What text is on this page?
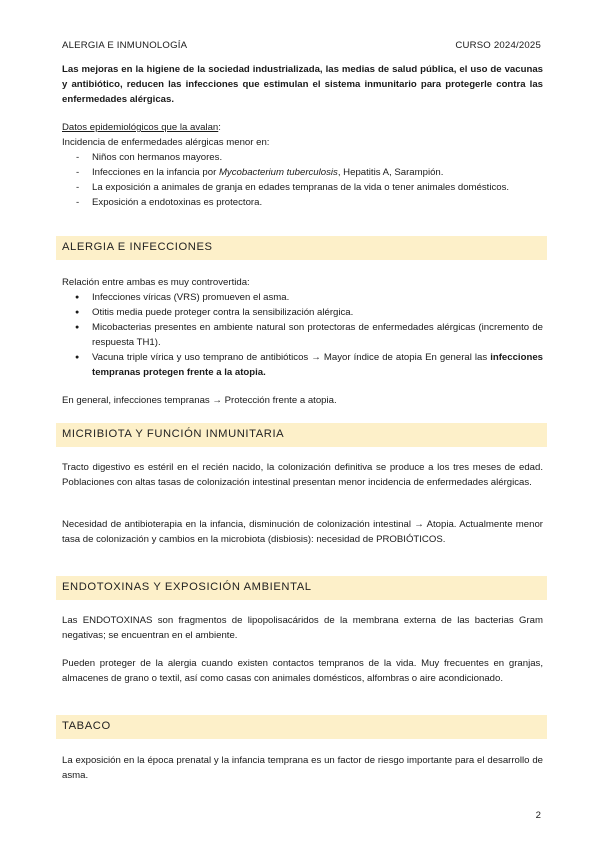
ALERGIA E INMUNOLOGÍA	CURSO 2024/2025
Las mejoras en la higiene de la sociedad industrializada, las medias de salud pública, el uso de vacunas y antibiótico, reducen las infecciones que estimulan el sistema inmunitario para protegerle contra las enfermedades alérgicas.
Datos epidemiológicos que la avalan:
Incidencia de enfermedades alérgicas menor en:
- Niños con hermanos mayores.
- Infecciones en la infancia por Mycobacterium tuberculosis, Hepatitis A, Sarampión.
- La exposición a animales de granja en edades tempranas de la vida o tener animales domésticos.
- Exposición a endotoxinas es protectora.
ALERGIA E INFECCIONES
Relación entre ambas es muy controvertida:
● Infecciones víricas (VRS) promueven el asma.
● Otitis media puede proteger contra la sensibilización alérgica.
● Micobacterias presentes en ambiente natural son protectoras de enfermedades alérgicas (incremento de respuesta TH1).
● Vacuna triple vírica y uso temprano de antibióticos → Mayor índice de atopia En general las infecciones tempranas protegen frente a la atopia.
En general, infecciones tempranas → Protección frente a atopia.
MICRIBIOTA Y FUNCIÓN INMUNITARIA
Tracto digestivo es estéril en el recién nacido, la colonización definitiva se produce a los tres meses de edad. Poblaciones con altas tasas de colonización intestinal presentan menor incidencia de enfermedades alérgicas.
Necesidad de antibioterapia en la infancia, disminución de colonización intestinal → Atopia. Actualmente menor tasa de colonización y cambios en la microbiota (disbiosis): necesidad de PROBIÓTICOS.
ENDOTOXINAS Y EXPOSICIÓN AMBIENTAL
Las ENDOTOXINAS son fragmentos de lipopolisacáridos de la membrana externa de las bacterias Gram negativas; se encuentran en el ambiente.
Pueden proteger de la alergia cuando existen contactos tempranos de la vida. Muy frecuentes en granjas, almacenes de grano o textil, así como casas con animales domésticos, alfombras o aire acondicionado.
TABACO
La exposición en la época prenatal y la infancia temprana es un factor de riesgo importante para el desarrollo de asma.
2
